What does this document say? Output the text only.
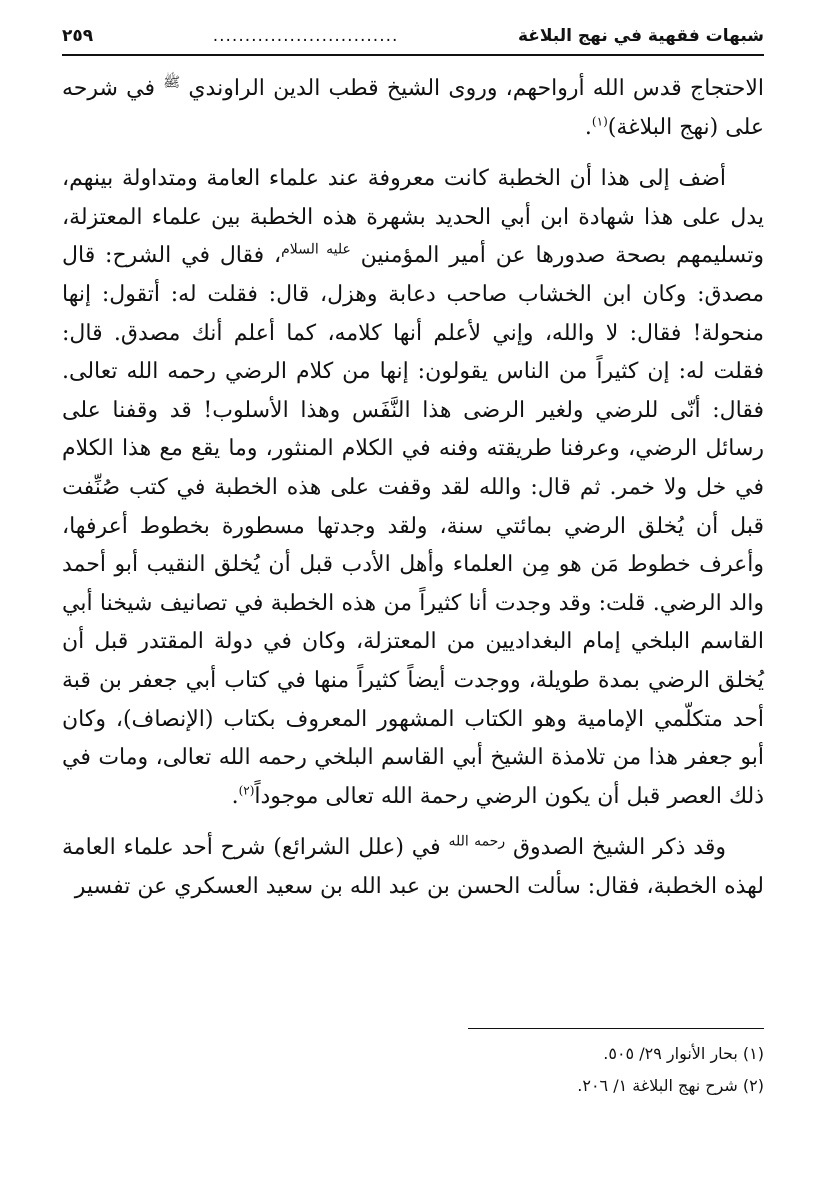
شبهات فقهية في نهج البلاغة
.............................
٢٥٩

الاحتجاج قدس الله أرواحهم، وروى الشيخ قطب الدين الراوندي $^ﷺ$ في شرحه على (نهج البلاغة)$^{(١)}$.

أضف إلى هذا أن الخطبة كانت معروفة عند علماء العامة ومتداولة بينهم، يدل على هذا شهادة ابن أبي الحديد بشهرة هذه الخطبة بين علماء المعتزلة، وتسليمهم بصحة صدورها عن أمير المؤمنين $^{عليه السلام}$، فقال في الشرح: قال مصدق: وكان ابن الخشاب صاحب دعابة وهزل، قال: فقلت له: أتقول: إنها منحولة! فقال: لا والله، وإني لأعلم أنها كلامه، كما أعلم أنك مصدق. قال: فقلت له: إن كثيراً من الناس يقولون: إنها من كلام الرضي رحمه الله تعالى. فقال: أنّى للرضي ولغير الرضى هذا النَّفَس وهذا الأسلوب! قد وقفنا على رسائل الرضي، وعرفنا طريقته وفنه في الكلام المنثور، وما يقع مع هذا الكلام في خل ولا خمر. ثم قال: والله لقد وقفت على هذه الخطبة في كتب صُنِّفت قبل أن يُخلق الرضي بمائتي سنة، ولقد وجدتها مسطورة بخطوط أعرفها، وأعرف خطوط مَن هو مِن العلماء وأهل الأدب قبل أن يُخلق النقيب أبو أحمد والد الرضي. قلت: وقد وجدت أنا كثيراً من هذه الخطبة في تصانيف شيخنا أبي القاسم البلخي إمام البغداديين من المعتزلة، وكان في دولة المقتدر قبل أن يُخلق الرضي بمدة طويلة، ووجدت أيضاً كثيراً منها في كتاب أبي جعفر بن قبة أحد متكلّمي الإمامية وهو الكتاب المشهور المعروف بكتاب (الإنصاف)، وكان أبو جعفر هذا من تلامذة الشيخ أبي القاسم البلخي رحمه الله تعالى، ومات في ذلك العصر قبل أن يكون الرضي رحمة الله تعالى موجوداً$^{(٢)}$.

وقد ذكر الشيخ الصدوق $^{رحمه الله}$ في (علل الشرائع) شرح أحد علماء العامة لهذه الخطبة، فقال: سألت الحسن بن عبد الله بن سعيد العسكري عن تفسير

(١) بحار الأنوار ٢٩/ ٥٠٥.
(٢) شرح نهج البلاغة ١/ ٢٠٦.
